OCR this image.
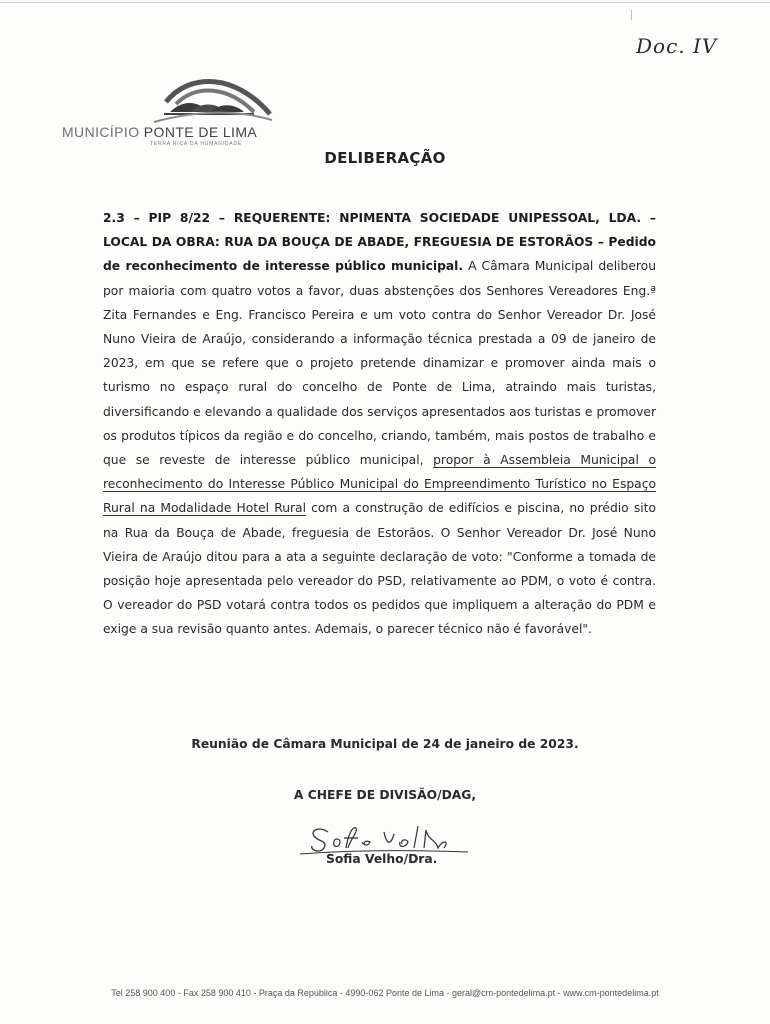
Doc. IV
MUNICÍPIO PONTE DE LIMA
TERRA RICA DA HUMANIDADE
DELIBERAÇÃO
2.3 – PIP 8/22 – REQUERENTE: NPIMENTA SOCIEDADE UNIPESSOAL, LDA. – LOCAL DA OBRA: RUA DA BOUÇA DE ABADE, FREGUESIA DE ESTORÃOS – Pedido de reconhecimento de interesse público municipal. A Câmara Municipal deliberou por maioria com quatro votos a favor, duas abstenções dos Senhores Vereadores Eng.ª Zita Fernandes e Eng. Francisco Pereira e um voto contra do Senhor Vereador Dr. José Nuno Vieira de Araújo, considerando a informação técnica prestada a 09 de janeiro de 2023, em que se refere que o projeto pretende dinamizar e promover ainda mais o turismo no espaço rural do concelho de Ponte de Lima, atraindo mais turistas, diversificando e elevando a qualidade dos serviços apresentados aos turistas e promover os produtos típicos da região e do concelho, criando, também, mais postos de trabalho e que se reveste de interesse público municipal, propor à Assembleia Municipal o reconhecimento do Interesse Público Municipal do Empreendimento Turístico no Espaço Rural na Modalidade Hotel Rural com a construção de edifícios e piscina, no prédio sito na Rua da Bouça de Abade, freguesia de Estorãos. O Senhor Vereador Dr. José Nuno Vieira de Araújo ditou para a ata a seguinte declaração de voto: "Conforme a tomada de posição hoje apresentada pelo vereador do PSD, relativamente ao PDM, o voto é contra. O vereador do PSD votará contra todos os pedidos que impliquem a alteração do PDM e exige a sua revisão quanto antes. Ademais, o parecer técnico não é favorável".
Reunião de Câmara Municipal de 24 de janeiro de 2023.
A CHEFE DE DIVISÃO/DAG,
Sofia Velho/Dra.
Tel 258 900 400 - Fax 258 900 410 - Praça da República - 4990-062 Ponte de Lima - geral@cm-pontedelima.pt - www.cm-pontedelima.pt
